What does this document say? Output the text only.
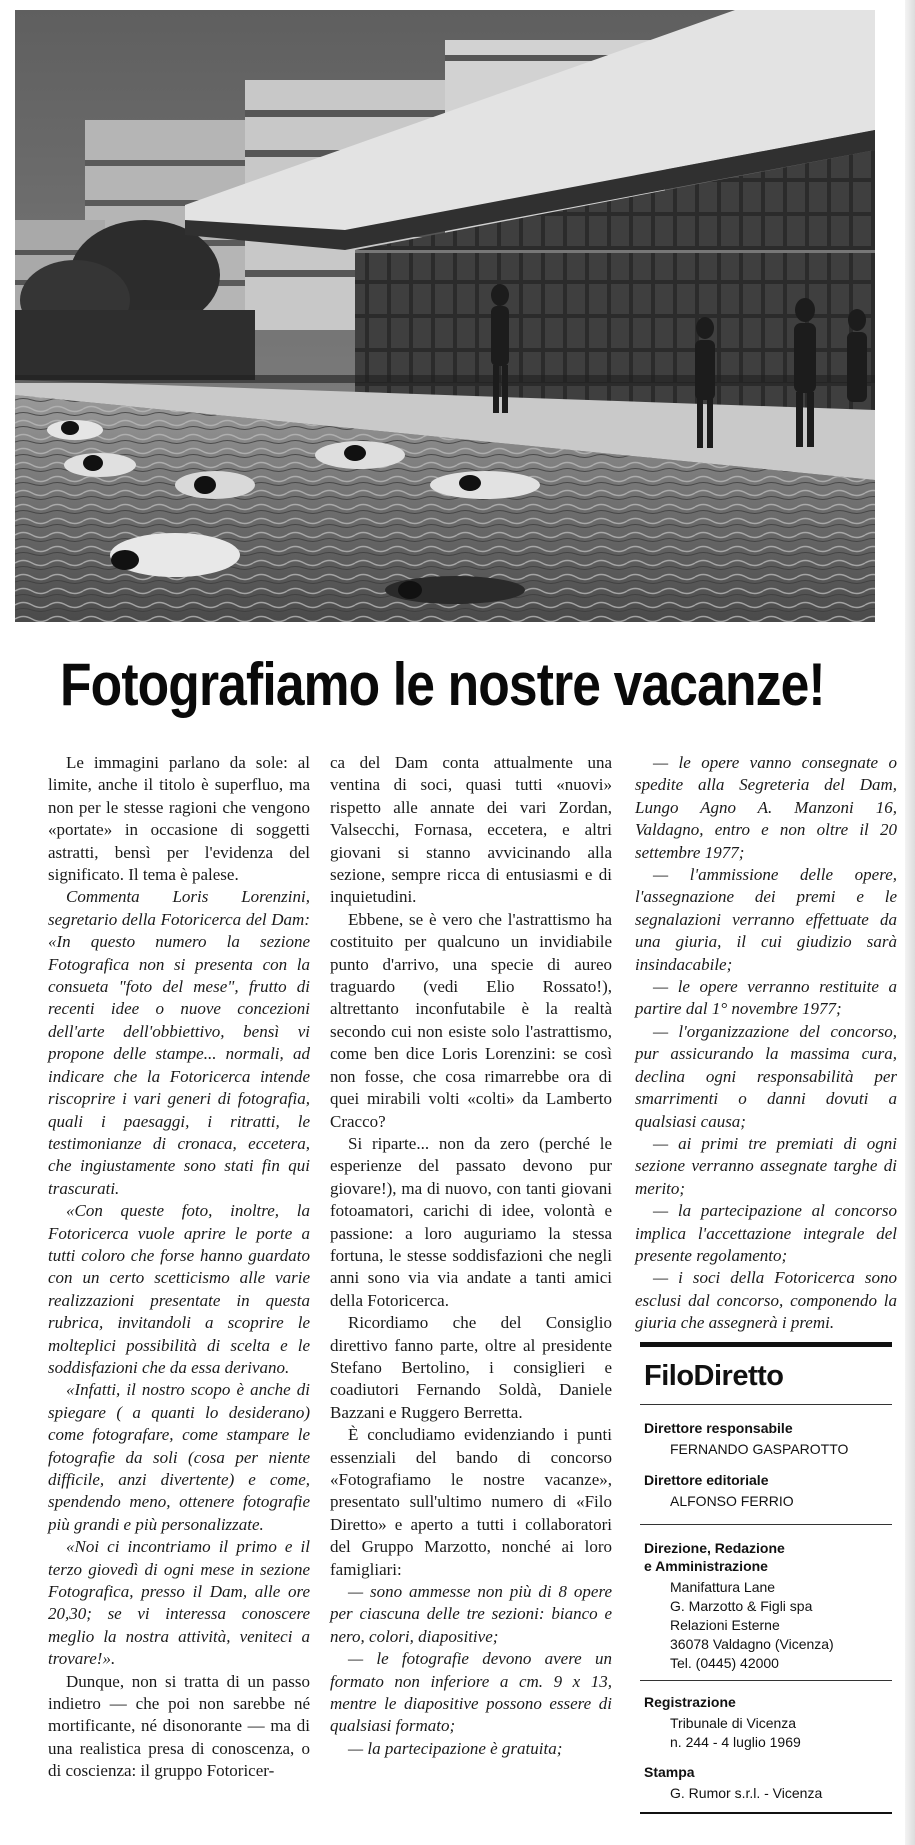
Fotografiamo le nostre vacanze!

Le immagini parlano da sole: al limite, anche il titolo è superfluo, ma non per le stesse ragioni che vengono «portate» in occasione di soggetti astratti, bensì per l'evidenza del significato. Il tema è palese.

Commenta Loris Lorenzini, segretario della Fotoricerca del Dam: «In questo numero la sezione Fotografica non si presenta con la consueta "foto del mese", frutto di recenti idee o nuove concezioni dell'arte dell'obbiettivo, bensì vi propone delle stampe... normali, ad indicare che la Fotoricerca intende riscoprire i vari generi di fotografia, quali i paesaggi, i ritratti, le testimonianze di cronaca, eccetera, che ingiustamente sono stati fin qui trascurati.

«Con queste foto, inoltre, la Fotoricerca vuole aprire le porte a tutti coloro che forse hanno guardato con un certo scetticismo alle varie realizzazioni presentate in questa rubrica, invitandoli a scoprire le molteplici possibilità di scelta e le soddisfazioni che da essa derivano.

«Infatti, il nostro scopo è anche di spiegare ( a quanti lo desiderano) come fotografare, come stampare le fotografie da soli (cosa per niente difficile, anzi divertente) e come, spendendo meno, ottenere fotografie più grandi e più personalizzate.

«Noi ci incontriamo il primo e il terzo giovedì di ogni mese in sezione Fotografica, presso il Dam, alle ore 20,30; se vi interessa conoscere meglio la nostra attività, veniteci a trovare!».

Dunque, non si tratta di un passo indietro — che poi non sarebbe né mortificante, né disonorante — ma di una realistica presa di conoscenza, o di coscienza: il gruppo Fotoricer-

ca del Dam conta attualmente una ventina di soci, quasi tutti «nuovi» rispetto alle annate dei vari Zordan, Valsecchi, Fornasa, eccetera, e altri giovani si stanno avvicinando alla sezione, sempre ricca di entusiasmi e di inquietudini.

Ebbene, se è vero che l'astrattismo ha costituito per qualcuno un invidiabile punto d'arrivo, una specie di aureo traguardo (vedi Elio Rossato!), altrettanto inconfutabile è la realtà secondo cui non esiste solo l'astrattismo, come ben dice Loris Lorenzini: se così non fosse, che cosa rimarrebbe ora di quei mirabili volti «colti» da Lamberto Cracco?

Si riparte... non da zero (perché le esperienze del passato devono pur giovare!), ma di nuovo, con tanti giovani fotoamatori, carichi di idee, volontà e passione: a loro auguriamo la stessa fortuna, le stesse soddisfazioni che negli anni sono via via andate a tanti amici della Fotoricerca.

Ricordiamo che del Consiglio direttivo fanno parte, oltre al presidente Stefano Bertolino, i consiglieri e coadiutori Fernando Soldà, Daniele Bazzani e Ruggero Berretta.

È concludiamo evidenziando i punti essenziali del bando di concorso «Fotografiamo le nostre vacanze», presentato sull'ultimo numero di «Filo Diretto» e aperto a tutti i collaboratori del Gruppo Marzotto, nonché ai loro famigliari:

— sono ammesse non più di 8 opere per ciascuna delle tre sezioni: bianco e nero, colori, diapositive;

— le fotografie devono avere un formato non inferiore a cm. 9 x 13, mentre le diapositive possono essere di qualsiasi formato;

— la partecipazione è gratuita;

— le opere vanno consegnate o spedite alla Segreteria del Dam, Lungo Agno A. Manzoni 16, Valdagno, entro e non oltre il 20 settembre 1977;

— l'ammissione delle opere, l'assegnazione dei premi e le segnalazioni verranno effettuate da una giuria, il cui giudizio sarà insindacabile;

— le opere verranno restituite a partire dal 1° novembre 1977;

— l'organizzazione del concorso, pur assicurando la massima cura, declina ogni responsabilità per smarrimenti o danni dovuti a qualsiasi causa;

— ai primi tre premiati di ogni sezione verranno assegnate targhe di merito;

— la partecipazione al concorso implica l'accettazione integrale del presente regolamento;

— i soci della Fotoricerca sono esclusi dal concorso, componendo la giuria che assegnerà i premi.

FiloDiretto
Direttore responsabile
FERNANDO GASPAROTTO
Direttore editoriale
ALFONSO FERRIO
Direzione, Redazione
e Amministrazione
Manifattura Lane
G. Marzotto & Figli spa
Relazioni Esterne
36078 Valdagno (Vicenza)
Tel. (0445) 42000
Registrazione
Tribunale di Vicenza
n. 244 - 4 luglio 1969
Stampa
G. Rumor s.r.l. - Vicenza
